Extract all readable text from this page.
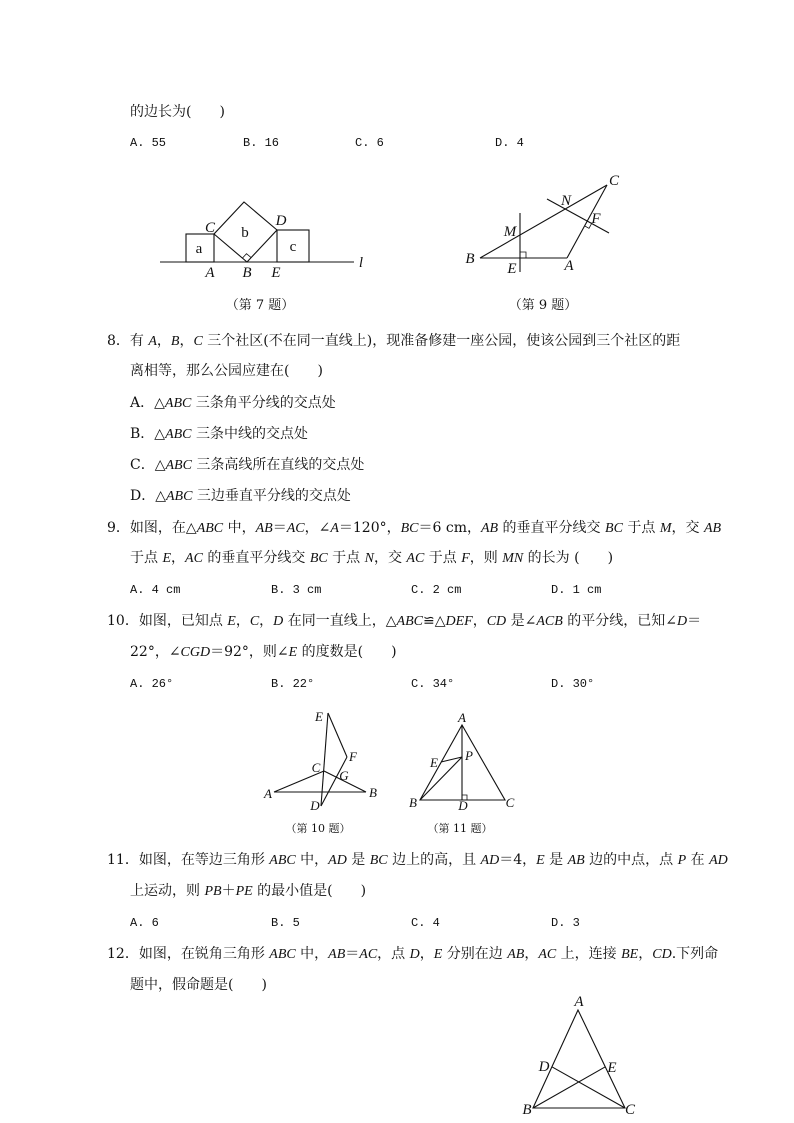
的边长为(　　)
A. 55	B. 16	C. 6	D. 4
8．有 A，B，C 三个社区(不在同一直线上)，现准备修建一座公园，使该公园到三个社区的距
离相等，那么公园应建在(　　)
A．△ABC 三条角平分线的交点处
B．△ABC 三条中线的交点处
C．△ABC 三条高线所在直线的交点处
D．△ABC 三边垂直平分线的交点处
9．如图，在△ABC 中，AB＝AC，∠A＝120°，BC＝6 cm，AB 的垂直平分线交 BC 于点 M，交 AB
于点 E，AC 的垂直平分线交 BC 于点 N，交 AC 于点 F，则 MN 的长为 (　　)
A. 4 cm	B. 3 cm	C. 2 cm	D. 1 cm
10．如图，已知点 E，C，D 在同一直线上，△ABC≌△DEF，CD 是∠ACB 的平分线，已知∠D＝
22°，∠CGD＝92°，则∠E 的度数是(　　)
A. 26°	B. 22°	C. 34°	D. 30°
11．如图，在等边三角形 ABC 中，AD 是 BC 边上的高，且 AD＝4，E 是 AB 边的中点，点 P 在 AD
上运动，则 PB＋PE 的最小值是(　　)
A. 6	B. 5	C. 4	D. 3
12．如图，在锐角三角形 ABC 中，AB＝AC，点 D，E 分别在边 AB，AC 上，连接 BE，CD.下列命
题中，假命题是(　　)
a
b
c
C	D
A B E
l
（第 7 题）
C
N
F
M
B
E	A
（第 9 题）
E
F
C
G
A	B
D
（第 10 题）
A
E P
B	D	C
（第 11 题）
A
D	E
B	C
